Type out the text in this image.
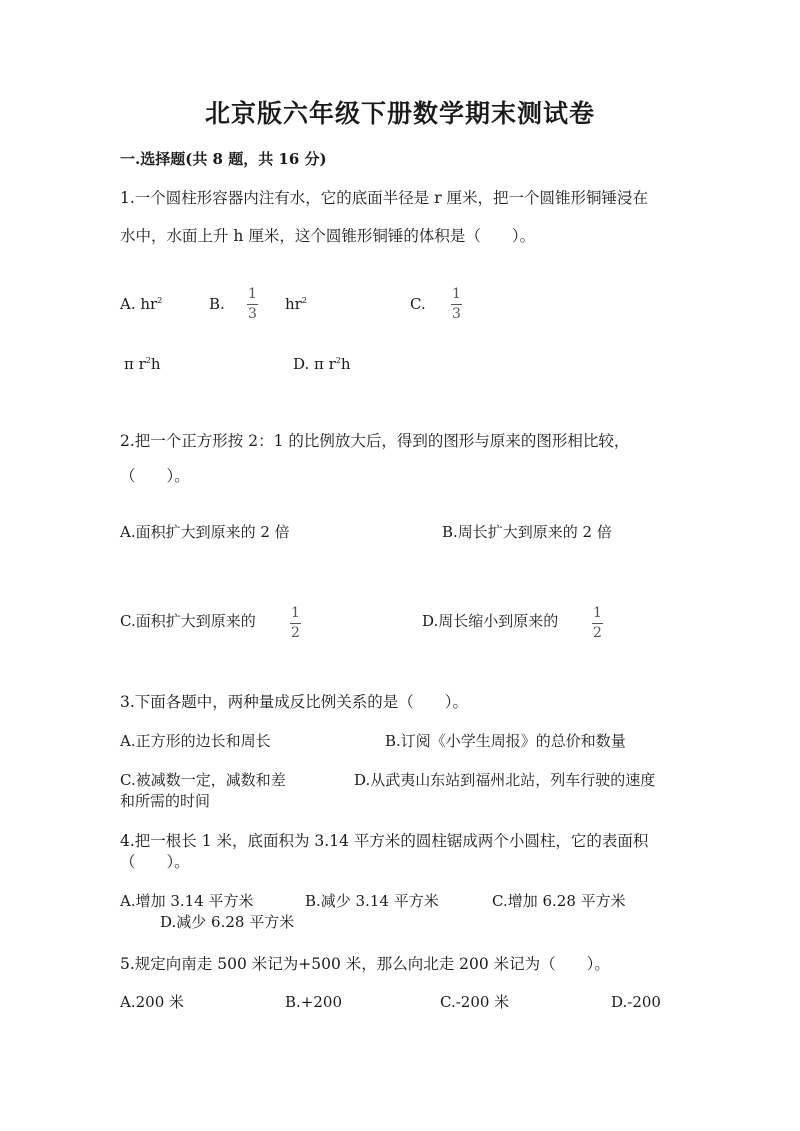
北京版六年级下册数学期末测试卷
一.选择题(共 8 题，共 16 分)
1.一个圆柱形容器内注有水，它的底面半径是 r 厘米，把一个圆锥形铜锤浸在
水中，水面上升 h 厘米，这个圆锥形铜锤的体积是（　　）。
A. $hr^2$	B.
1
3
$hr^2$	C.
1
3
π $r^2h$	D. π $r^2h$
2.把一个正方形按 2：1 的比例放大后，得到的图形与原来的图形相比较，
（　　）。
A.面积扩大到原来的 2 倍	B.周长扩大到原来的 2 倍
C.面积扩大到原来的	1
2
D.周长缩小到原来的 1
2
3.下面各题中，两种量成反比例关系的是（　　）。
A.正方形的边长和周长	B.订阅《小学生周报》的总价和数量
C.被减数一定，减数和差	D.从武夷山东站到福州北站，列车行驶的速度
和所需的时间
4.把一根长 1 米，底面积为 3.14 平方米的圆柱锯成两个小圆柱，它的表面积
（　　）。
A.增加 3.14 平方米	B.减少 3.14 平方米	C.增加 6.28 平方米
D.减少 6.28 平方米
5.规定向南走 500 米记为+500 米，那么向北走 200 米记为（　　）。
A.200 米	B.+200	C.-200 米	D.-200
